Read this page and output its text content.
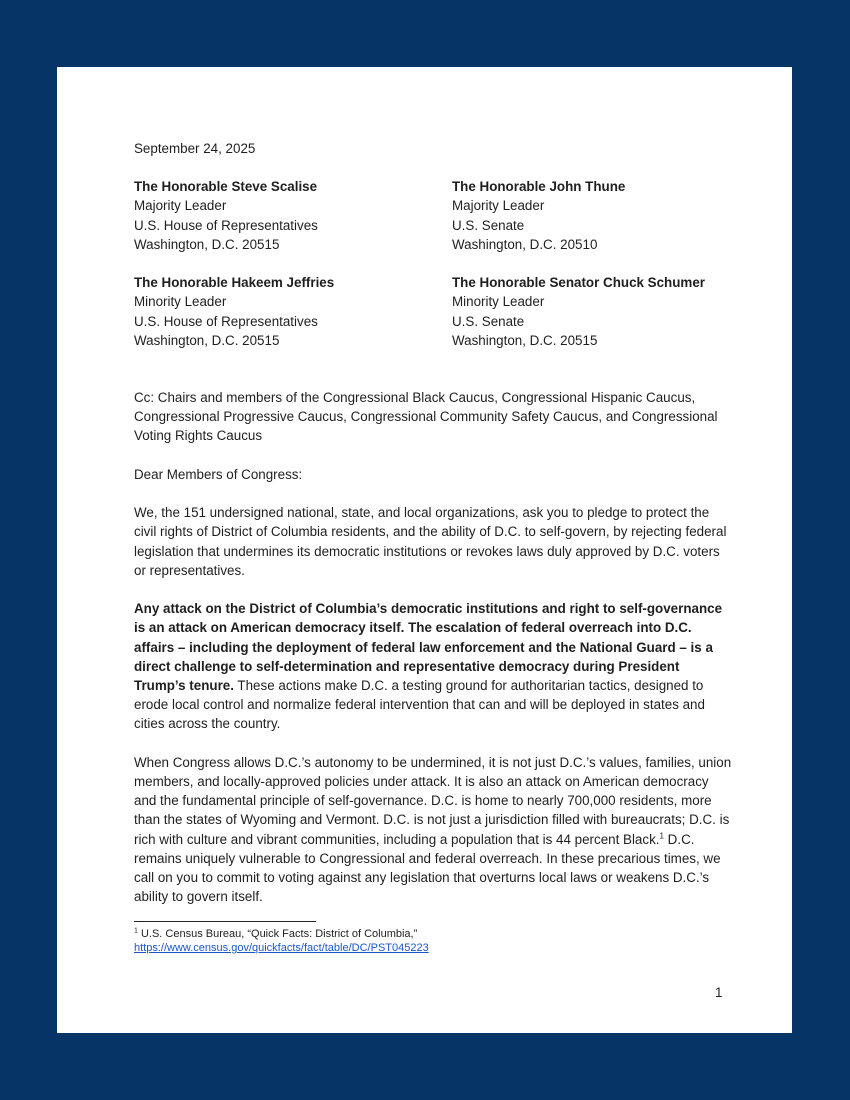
September 24, 2025

The Honorable Steve Scalise
Majority Leader
U.S. House of Representatives
Washington, D.C. 20515
The Honorable John Thune
Majority Leader
U.S. Senate
Washington, D.C. 20510
The Honorable Hakeem Jeffries
Minority Leader
U.S. House of Representatives
Washington, D.C. 20515
The Honorable Senator Chuck Schumer
Minority Leader
U.S. Senate
Washington, D.C. 20515

Cc: Chairs and members of the Congressional Black Caucus, Congressional Hispanic Caucus, Congressional Progressive Caucus, Congressional Community Safety Caucus, and Congressional Voting Rights Caucus

Dear Members of Congress:

We, the 151 undersigned national, state, and local organizations, ask you to pledge to protect the civil rights of District of Columbia residents, and the ability of D.C. to self-govern, by rejecting federal legislation that undermines its democratic institutions or revokes laws duly approved by D.C. voters or representatives.

Any attack on the District of Columbia’s democratic institutions and right to self-governance is an attack on American democracy itself. The escalation of federal overreach into D.C. affairs – including the deployment of federal law enforcement and the National Guard – is a direct challenge to self-determination and representative democracy during President Trump’s tenure. These actions make D.C. a testing ground for authoritarian tactics, designed to erode local control and normalize federal intervention that can and will be deployed in states and cities across the country.

When Congress allows D.C.’s autonomy to be undermined, it is not just D.C.’s values, families, union members, and locally-approved policies under attack. It is also an attack on American democracy and the fundamental principle of self-governance. D.C. is home to nearly 700,000 residents, more than the states of Wyoming and Vermont. D.C. is not just a jurisdiction filled with bureaucrats; D.C. is rich with culture and vibrant communities, including a population that is 44 percent Black.$^1$ D.C. remains uniquely vulnerable to Congressional and federal overreach. In these precarious times, we call on you to commit to voting against any legislation that overturns local laws or weakens D.C.’s ability to govern itself.

$^1$ U.S. Census Bureau, “Quick Facts: District of Columbia,”
https://www.census.gov/quickfacts/fact/table/DC/PST045223
1
